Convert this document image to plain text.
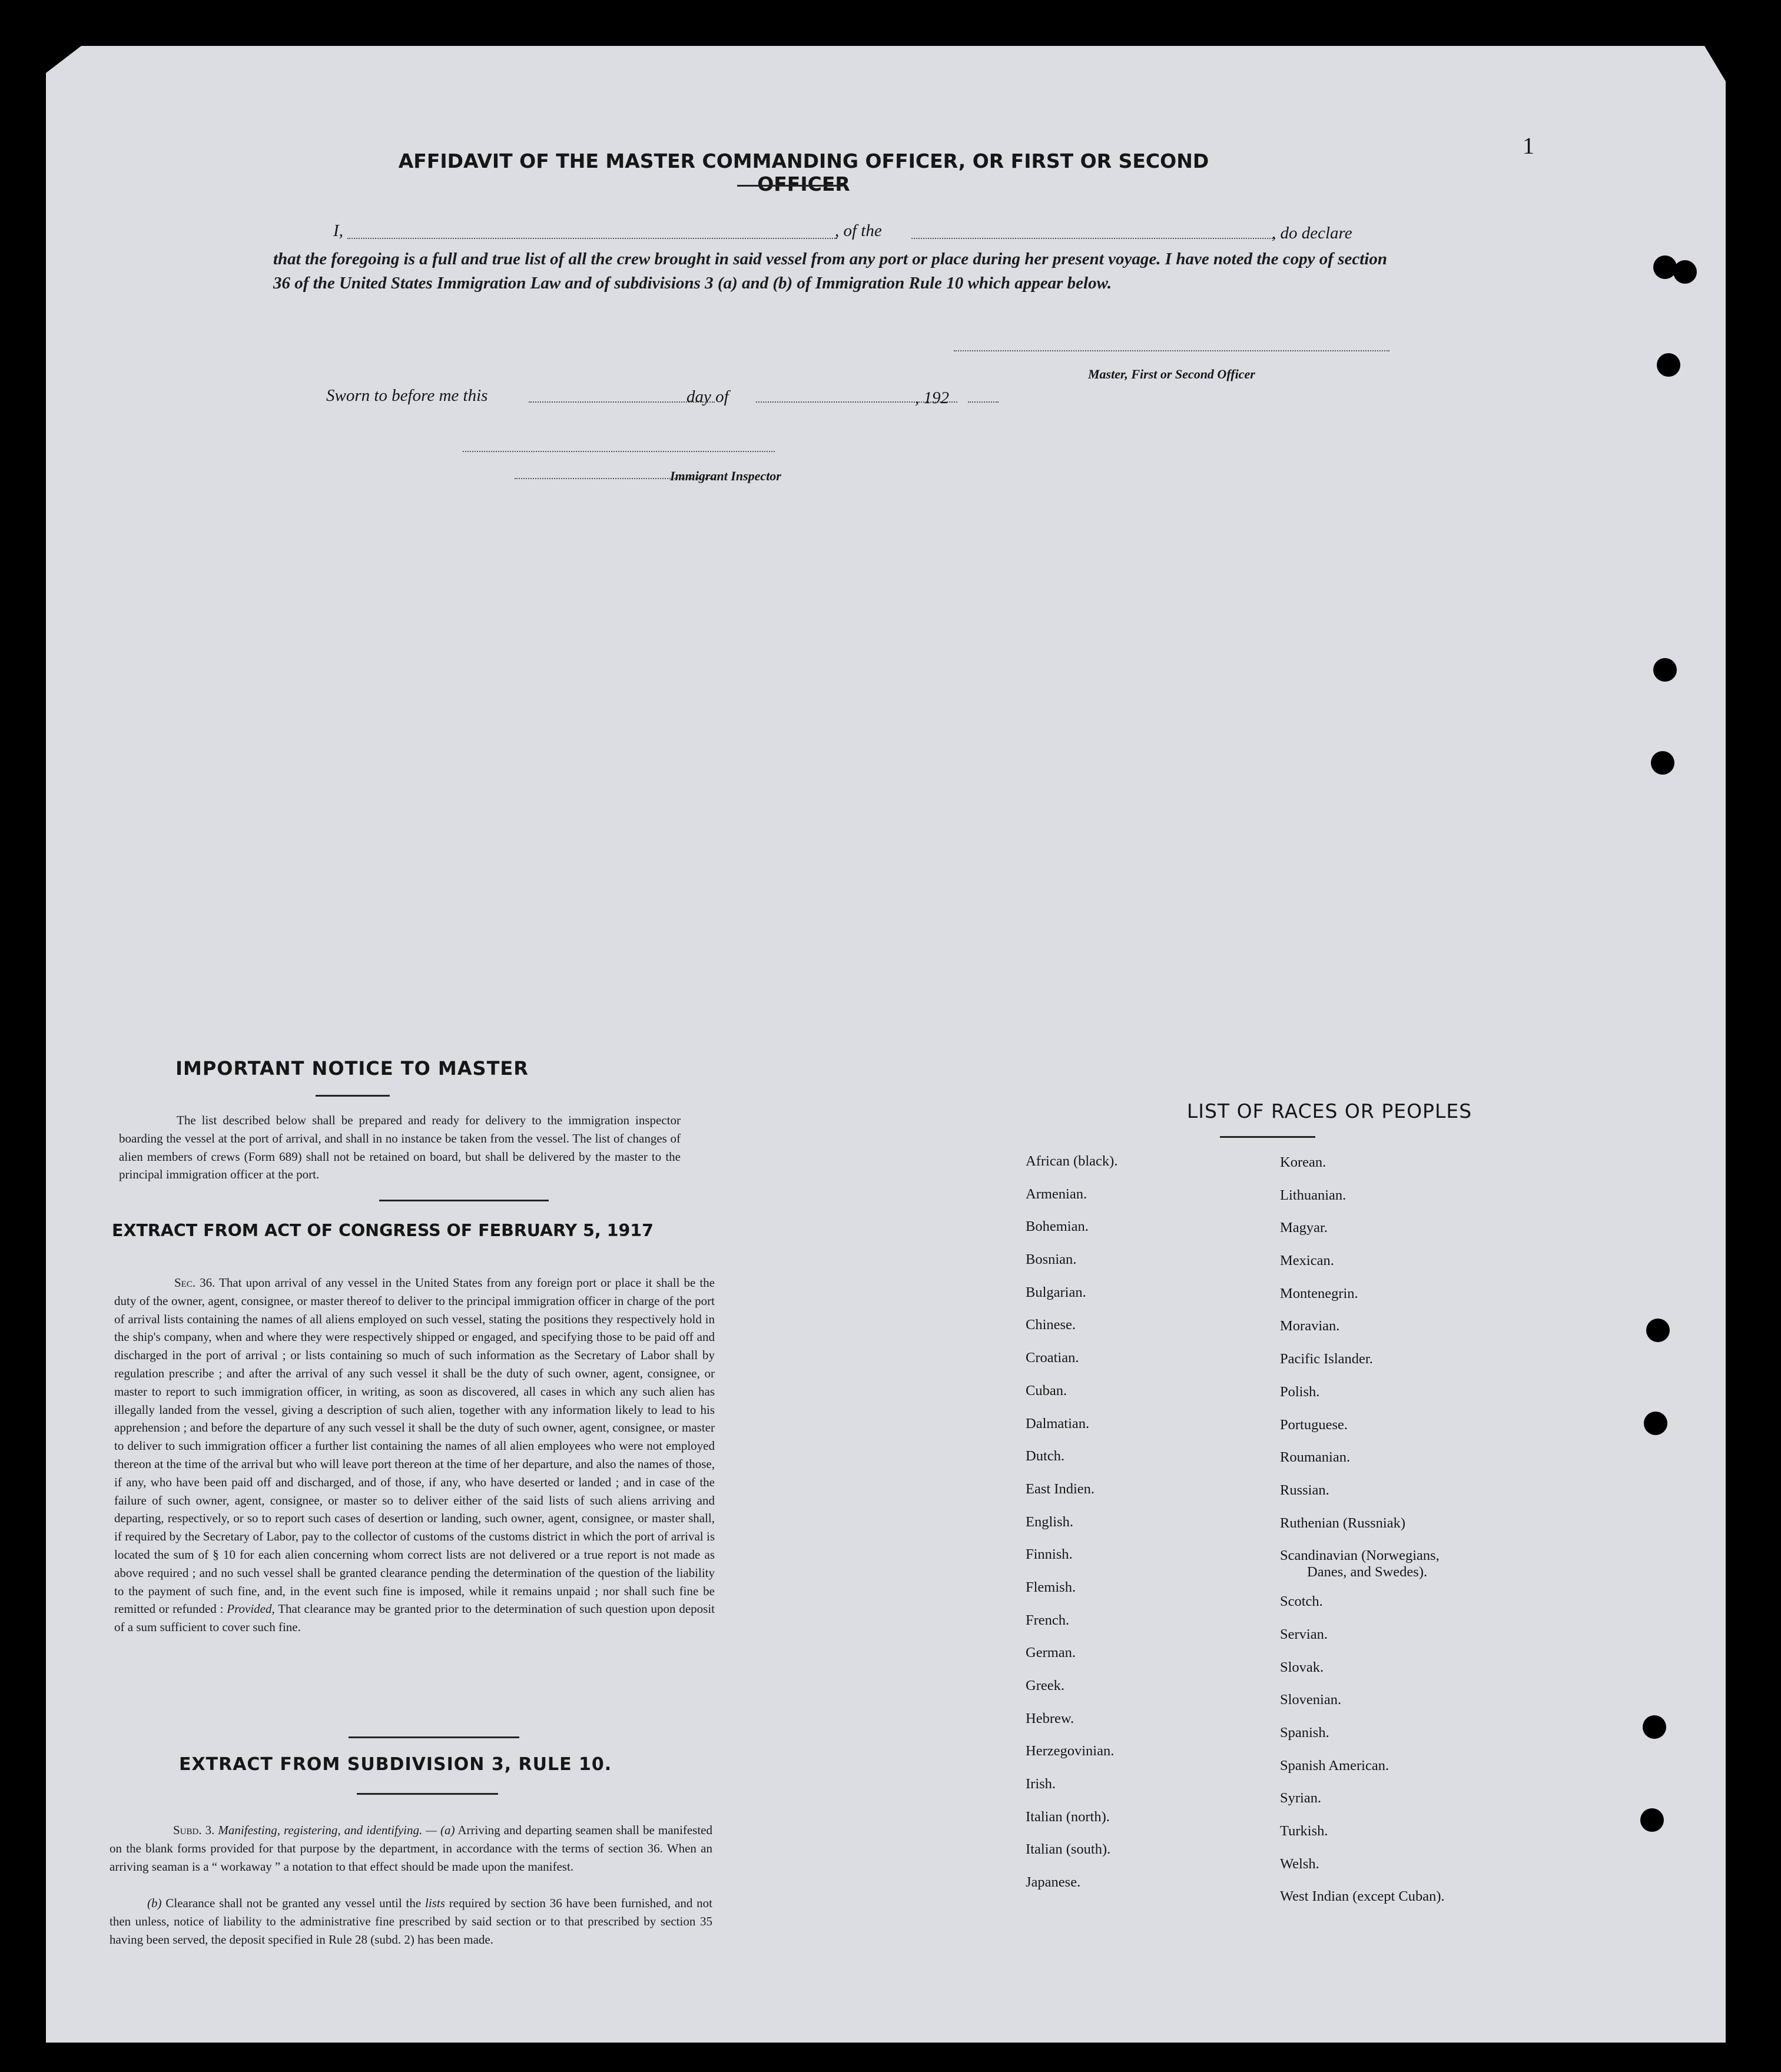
1
AFFIDAVIT OF THE MASTER COMMANDING OFFICER, OR FIRST OR SECOND OFFICER
I,	, of the	, do declare

that the foregoing is a full and true list of all the crew brought in said vessel from any port or place during her present voyage. I have noted the copy of section 36 of the United States Immigration Law and of subdivisions 3 (a) and (b) of Immigration Rule 10 which appear below.

Master, First or Second Officer
Sworn to before me this	day of	, 192
Immigrant Inspector
IMPORTANT NOTICE TO MASTER

The list described below shall be prepared and ready for delivery to the immigration inspector boarding the vessel at the port of arrival, and shall in no instance be taken from the vessel. The list of changes of alien members of crews (Form 689) shall not be retained on board, but shall be delivered by the master to the principal immigration officer at the port.

EXTRACT FROM ACT OF CONGRESS OF FEBRUARY 5, 1917

Sec. 36. That upon arrival of any vessel in the United States from any foreign port or place it shall be the duty of the owner, agent, consignee, or master thereof to deliver to the principal immigration officer in charge of the port of arrival lists containing the names of all aliens employed on such vessel, stating the positions they respectively hold in the ship's company, when and where they were respectively shipped or engaged, and specifying those to be paid off and discharged in the port of arrival ; or lists containing so much of such information as the Secretary of Labor shall by regulation prescribe ; and after the arrival of any such vessel it shall be the duty of such owner, agent, consignee, or master to report to such immigration officer, in writing, as soon as discovered, all cases in which any such alien has illegally landed from the vessel, giving a description of such alien, together with any information likely to lead to his apprehension ; and before the departure of any such vessel it shall be the duty of such owner, agent, consignee, or master to deliver to such immigration officer a further list containing the names of all alien employees who were not employed thereon at the time of the arrival but who will leave port thereon at the time of her departure, and also the names of those, if any, who have been paid off and discharged, and of those, if any, who have deserted or landed ; and in case of the failure of such owner, agent, consignee, or master so to deliver either of the said lists of such aliens arriving and departing, respectively, or so to report such cases of desertion or landing, such owner, agent, consignee, or master shall, if required by the Secretary of Labor, pay to the collector of customs of the customs district in which the port of arrival is located the sum of § 10 for each alien concerning whom correct lists are not delivered or a true report is not made as above required ; and no such vessel shall be granted clearance pending the determination of the question of the liability to the payment of such fine, and, in the event such fine is imposed, while it remains unpaid ; nor shall such fine be remitted or refunded : Provided, That clearance may be granted prior to the determination of such question upon deposit of a sum sufficient to cover such fine.

EXTRACT FROM SUBDIVISION 3, RULE 10.

Subd. 3. Manifesting, registering, and identifying. — (a) Arriving and departing seamen shall be manifested on the blank forms provided for that purpose by the department, in accordance with the terms of section 36. When an arriving seaman is a “ workaway ” a notation to that effect should be made upon the manifest.

(b) Clearance shall not be granted any vessel until the lists required by section 36 have been furnished, and not then unless, notice of liability to the administrative fine prescribed by said section or to that prescribed by section 35 having been served, the deposit specified in Rule 28 (subd. 2) has been made.

LIST OF RACES OR PEOPLES
African (black).
Armenian.
Bohemian.
Bosnian.
Bulgarian.
Chinese.
Croatian.
Cuban.
Dalmatian.
Dutch.
East Indien.
English.
Finnish.
Flemish.
French.
German.
Greek.
Hebrew.
Herzegovinian.
Irish.
Italian (north).
Italian (south).
Japanese.
Korean.
Lithuanian.
Magyar.
Mexican.
Montenegrin.
Moravian.
Pacific Islander.
Polish.
Portuguese.
Roumanian.
Russian.
Ruthenian (Russniak)
Scandinavian (Norwegians,
Danes, and Swedes).
Scotch.
Servian.
Slovak.
Slovenian.
Spanish.
Spanish American.
Syrian.
Turkish.
Welsh.
West Indian (except Cuban).
